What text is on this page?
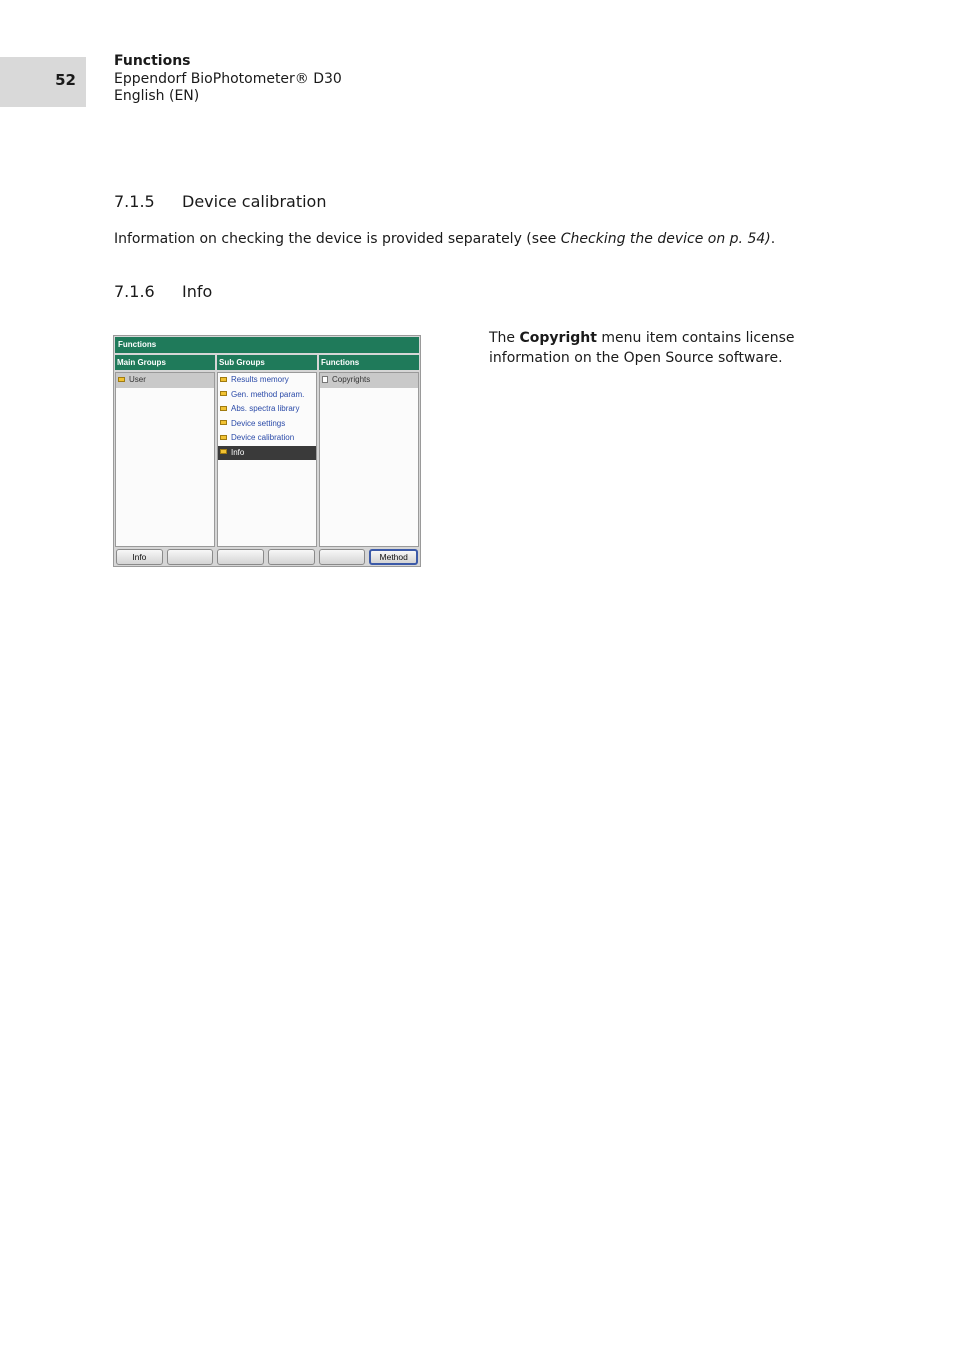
52
Functions
Eppendorf BioPhotometer® D30
English (EN)
7.1.5	Device calibration
Information on checking the device is provided separately (see Checking the device on p. 54).
7.1.6	Info
The Copyright menu item contains license information on the Open Source software.
Functions
Main Groups
User
Sub Groups
Results memory
Gen. method param.
Abs. spectra library
Device settings
Device calibration
Info
Functions
Copyrights
Info	Method
